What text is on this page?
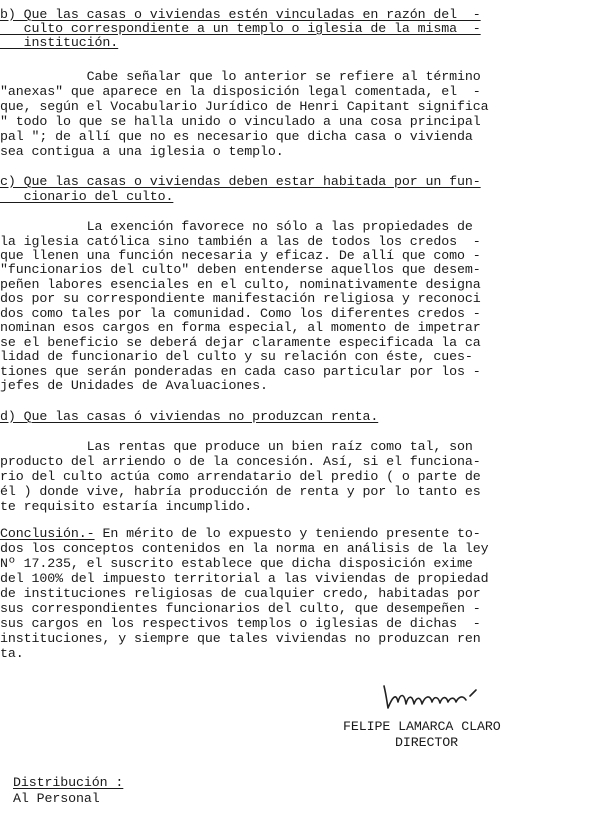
b) Que las casas o viviendas estén vinculadas en razón del  -
culto correspondiente a un templo o iglesia de la misma  -
institución.
Cabe señalar que lo anterior se refiere al término
"anexas" que aparece en la disposición legal comentada, el  -
que, según el Vocabulario Jurídico de Henri Capitant significa
" todo lo que se halla unido o vinculado a una cosa principal
pal "; de allí que no es necesario que dicha casa o vivienda
sea contigua a una iglesia o templo.
c) Que las casas o viviendas deben estar habitada por un fun-
cionario del culto.
La exención favorece no sólo a las propiedades de
la iglesia católica sino también a las de todos los credos  -
que llenen una función necesaria y eficaz. De allí que como -
"funcionarios del culto" deben entenderse aquellos que desem-
peñen labores esenciales en el culto, nominativamente designa
dos por su correspondiente manifestación religiosa y reconoci
dos como tales por la comunidad. Como los diferentes credos -
nominan esos cargos en forma especial, al momento de impetrar
se el beneficio se deberá dejar claramente especificada la ca
lidad de funcionario del culto y su relación con éste, cues-
tiones que serán ponderadas en cada caso particular por los -
jefes de Unidades de Avaluaciones.
d) Que las casas ó viviendas no produzcan renta.
Las rentas que produce un bien raíz como tal, son
producto del arriendo o de la concesión. Así, si el funciona-
rio del culto actúa como arrendatario del predio ( o parte de
él ) donde vive, habría producción de renta y por lo tanto es
te requisito estaría incumplido.
Conclusión.- En mérito de lo expuesto y teniendo presente to-
dos los conceptos contenidos en la norma en análisis de la ley
Nº 17.235, el suscrito establece que dicha disposición exime
del 100% del impuesto territorial a las viviendas de propiedad
de instituciones religiosas de cualquier credo, habitadas por
sus correspondientes funcionarios del culto, que desempeñen -
sus cargos en los respectivos templos o iglesias de dichas  -
instituciones, y siempre que tales viviendas no produzcan ren
ta.
FELIPE LAMARCA CLARO
DIRECTOR
Distribución :
Al Personal
